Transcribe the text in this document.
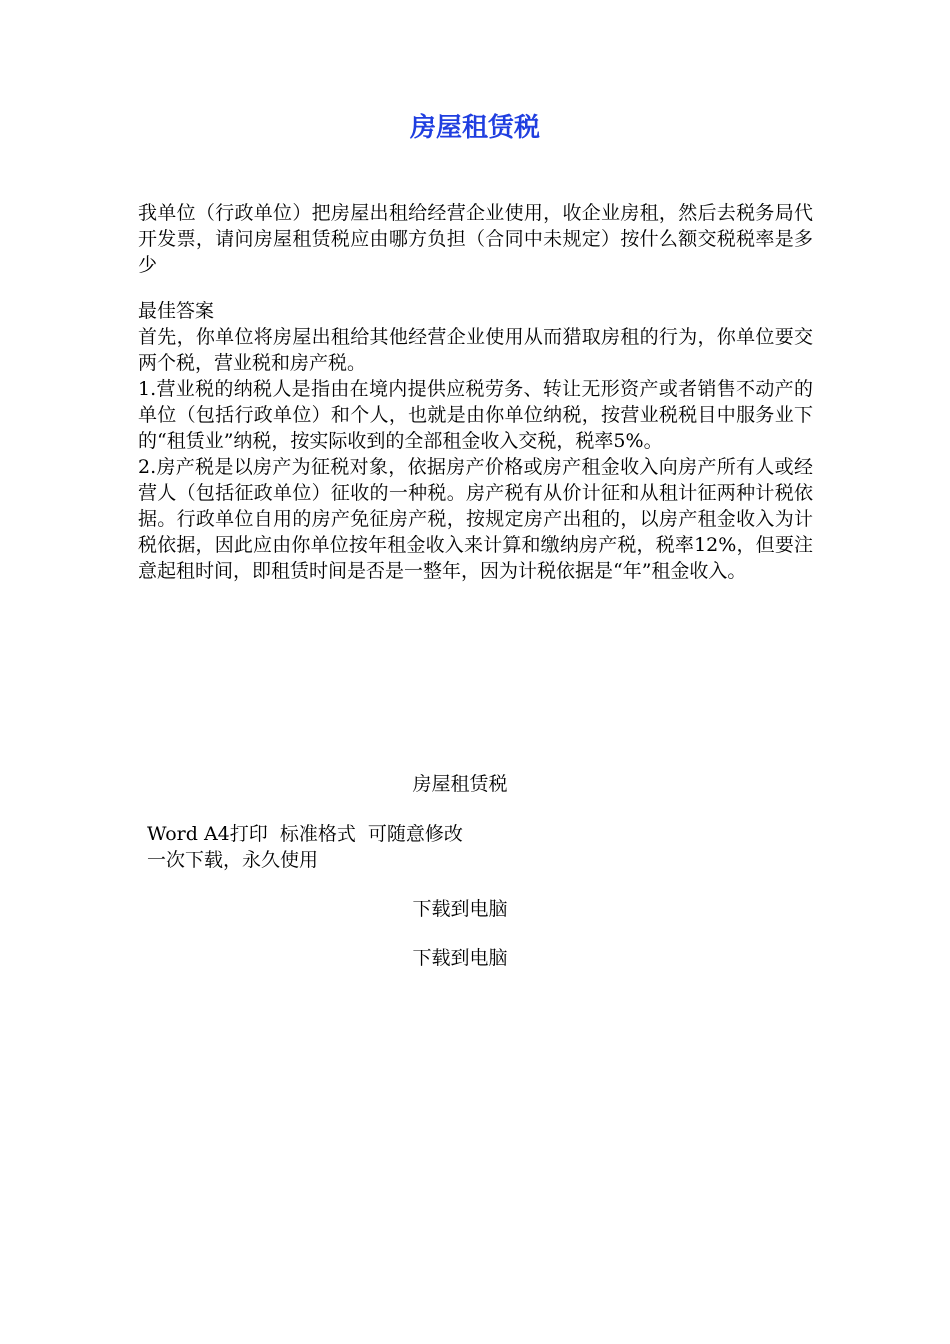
房屋租赁税

我单位（行政单位）把房屋出租给经营企业使用，收企业房租，然后去税务局代开发票，请问房屋租赁税应由哪方负担（合同中未规定）按什么额交税税率是多少

最佳答案

首先，你单位将房屋出租给其他经营企业使用从而猎取房租的行为，你单位要交两个税，营业税和房产税。

1.营业税的纳税人是指由在境内提供应税劳务、转让无形资产或者销售不动产的单位（包括行政单位）和个人，也就是由你单位纳税，按营业税税目中服务业下的“租赁业”纳税，按实际收到的全部租金收入交税，税率5%。

2.房产税是以房产为征税对象，依据房产价格或房产租金收入向房产所有人或经营人（包括征政单位）征收的一种税。房产税有从价计征和从租计征两种计税依据。行政单位自用的房产免征房产税，按规定房产出租的，以房产租金收入为计税依据，因此应由你单位按年租金收入来计算和缴纳房产税，税率12%，但要注意起租时间，即租赁时间是否是一整年，因为计税依据是“年”租金收入。

房屋租赁税

Word A4打印  标准格式  可随意修改
一次下载，永久使用

下载到电脑

下载到电脑
